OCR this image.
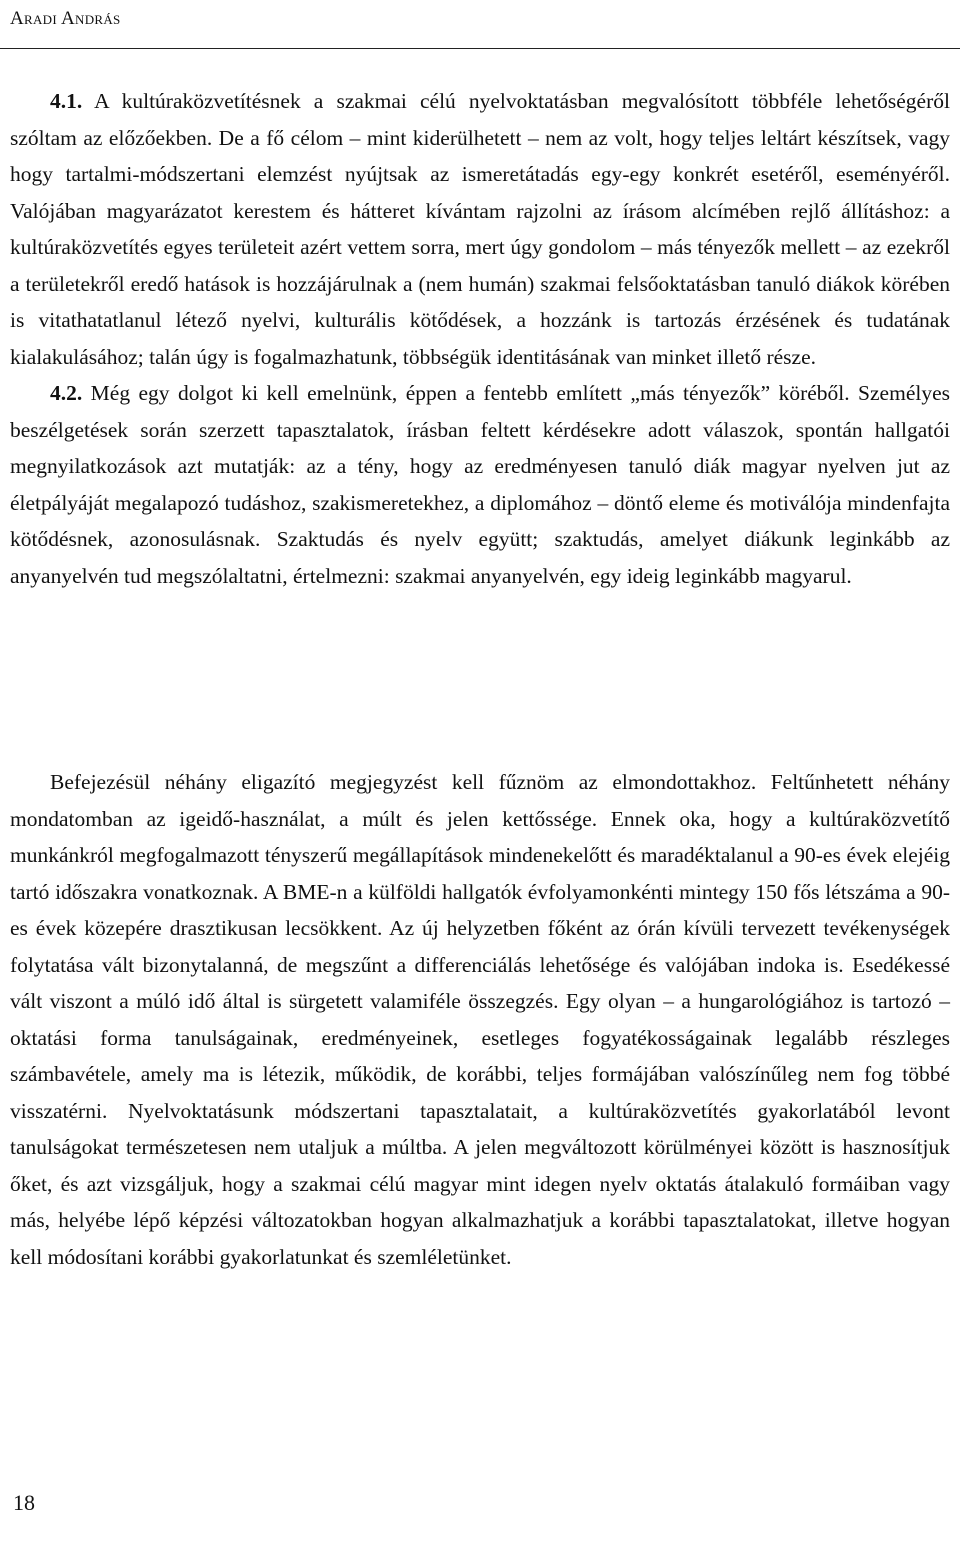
Aradi András

4.1. A kultúraközvetítésnek a szakmai célú nyelvoktatásban megvalósított többféle lehetőségéről szóltam az előzőekben. De a fő célom – mint kiderülhetett – nem az volt, hogy teljes leltárt készítsek, vagy hogy tartalmi-módszertani elemzést nyújtsak az ismeretátadás egy-egy konkrét esetéről, eseményéről. Valójában magyarázatot kerestem és hátteret kívántam rajzolni az írásom alcímében rejlő állításhoz: a kultúraközvetítés egyes területeit azért vettem sorra, mert úgy gondolom – más tényezők mellett – az ezekről a területekről eredő hatások is hozzájárulnak a (nem humán) szakmai felsőoktatásban tanuló diákok körében is vitathatatlanul létező nyelvi, kulturális kötődések, a hozzánk is tartozás érzésének és tudatának kialakulásához; talán úgy is fogalmazhatunk, többségük identitásának van minket illető része.

4.2. Még egy dolgot ki kell emelnünk, éppen a fentebb említett „más tényezők” köréből. Személyes beszélgetések során szerzett tapasztalatok, írásban feltett kérdésekre adott válaszok, spontán hallgatói megnyilatkozások azt mutatják: az a tény, hogy az eredményesen tanuló diák magyar nyelven jut az életpályáját megalapozó tudáshoz, szakismeretekhez, a diplomához – döntő eleme és motiválója mindenfajta kötődésnek, azonosulásnak. Szaktudás és nyelv együtt; szaktudás, amelyet diákunk leginkább az anyanyelvén tud megszólaltatni, értelmezni: szakmai anyanyelvén, egy ideig leginkább magyarul.

Befejezésül néhány eligazító megjegyzést kell fűznöm az elmondottakhoz. Feltűnhetett néhány mondatomban az igeidő-használat, a múlt és jelen kettőssége. Ennek oka, hogy a kultúraközvetítő munkánkról megfogalmazott tényszerű megállapítások mindenekelőtt és maradéktalanul a 90-es évek elejéig tartó időszakra vonatkoznak. A BME-n a külföldi hallgatók évfolyamonkénti mintegy 150 fős létszáma a 90-es évek közepére drasztikusan lecsökkent. Az új helyzetben főként az órán kívüli tervezett tevékenységek folytatása vált bizonytalanná, de megszűnt a differenciálás lehetősége és valójában indoka is. Esedékessé vált viszont a múló idő által is sürgetett valamiféle összegzés. Egy olyan – a hungarológiához is tartozó – oktatási forma tanulságainak, eredményeinek, esetleges fogyatékosságainak legalább részleges számbavétele, amely ma is létezik, működik, de korábbi, teljes formájában valószínűleg nem fog többé visszatérni. Nyelvoktatásunk módszertani tapasztalatait, a kultúraközvetítés gyakorlatából levont tanulságokat természetesen nem utaljuk a múltba. A jelen megváltozott körülményei között is hasznosítjuk őket, és azt vizsgáljuk, hogy a szakmai célú magyar mint idegen nyelv oktatás átalakuló formáiban vagy más, helyébe lépő képzési változatokban hogyan alkalmazhatjuk a korábbi tapasztalatokat, illetve hogyan kell módosítani korábbi gyakorlatunkat és szemléletünket.

18
